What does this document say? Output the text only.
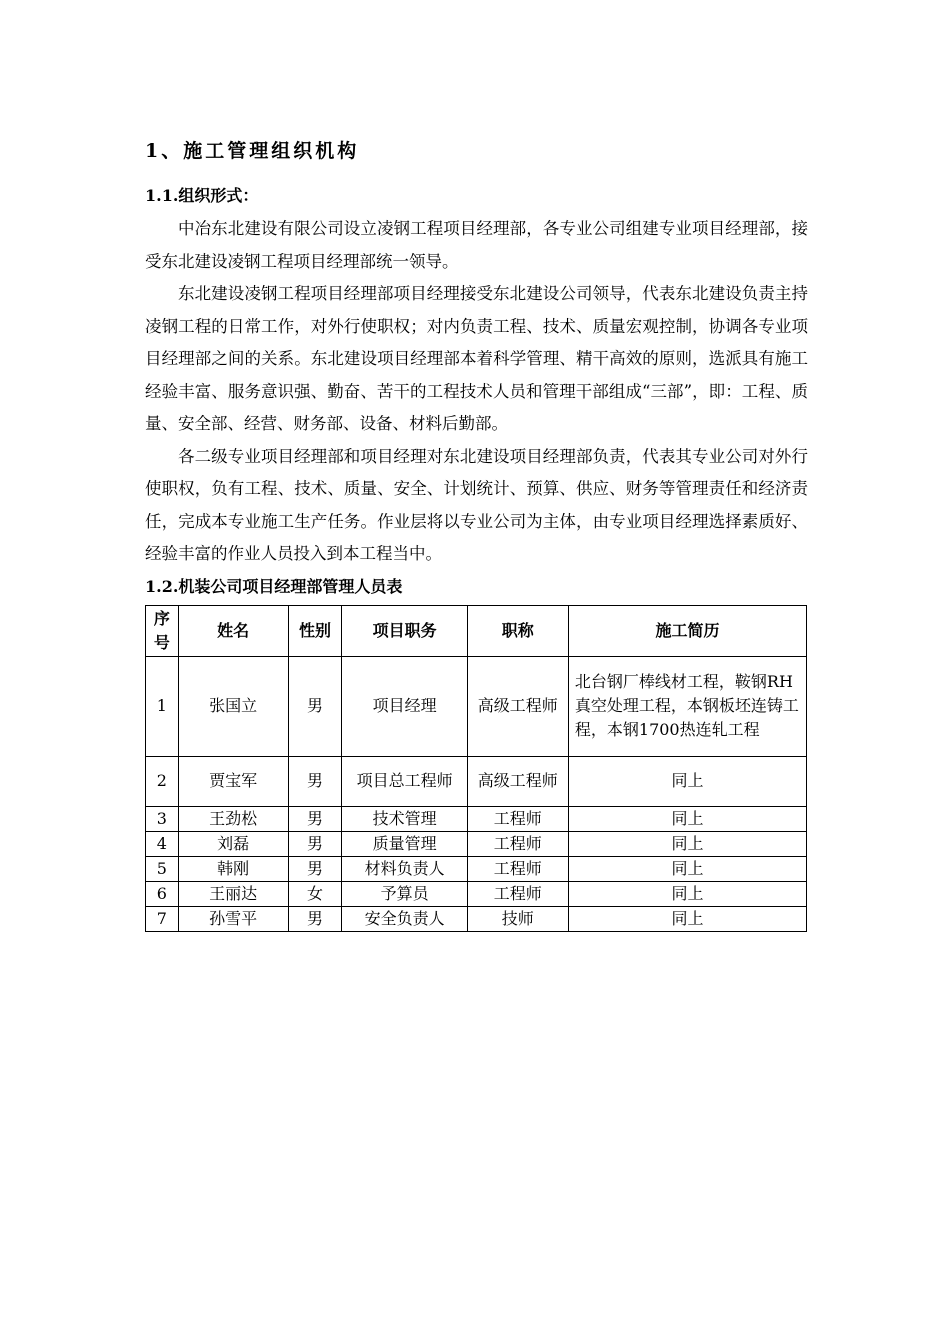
1、施工管理组织机构
1.1.组织形式：

中冶东北建设有限公司设立凌钢工程项目经理部，各专业公司组建专业项目经理部，接受东北建设凌钢工程项目经理部统一领导。

东北建设凌钢工程项目经理部项目经理接受东北建设公司领导，代表东北建设负责主持凌钢工程的日常工作，对外行使职权；对内负责工程、技术、质量宏观控制，协调各专业项目经理部之间的关系。东北建设项目经理部本着科学管理、精干高效的原则，选派具有施工经验丰富、服务意识强、勤奋、苦干的工程技术人员和管理干部组成“三部”，即：工程、质量、安全部、经营、财务部、设备、材料后勤部。

各二级专业项目经理部和项目经理对东北建设项目经理部负责，代表其专业公司对外行使职权，负有工程、技术、质量、安全、计划统计、预算、供应、财务等管理责任和经济责任，完成本专业施工生产任务。作业层将以专业公司为主体，由专业项目经理选择素质好、经验丰富的作业人员投入到本工程当中。

1.2.机装公司项目经理部管理人员表
序号	姓名	性别	项目职务	职称	施工简历
1	张国立	男	项目经理	高级工程师	北台钢厂棒线材工程，鞍钢RH真空处理工程，本钢板坯连铸工程，本钢1700热连轧工程
2	贾宝军	男	项目总工程师	高级工程师	同上
3	王劲松	男	技术管理	工程师	同上
4	刘磊	男	质量管理	工程师	同上
5	韩刚	男	材料负责人	工程师	同上
6	王丽达	女	予算员	工程师	同上
7	孙雪平	男	安全负责人	技师	同上
